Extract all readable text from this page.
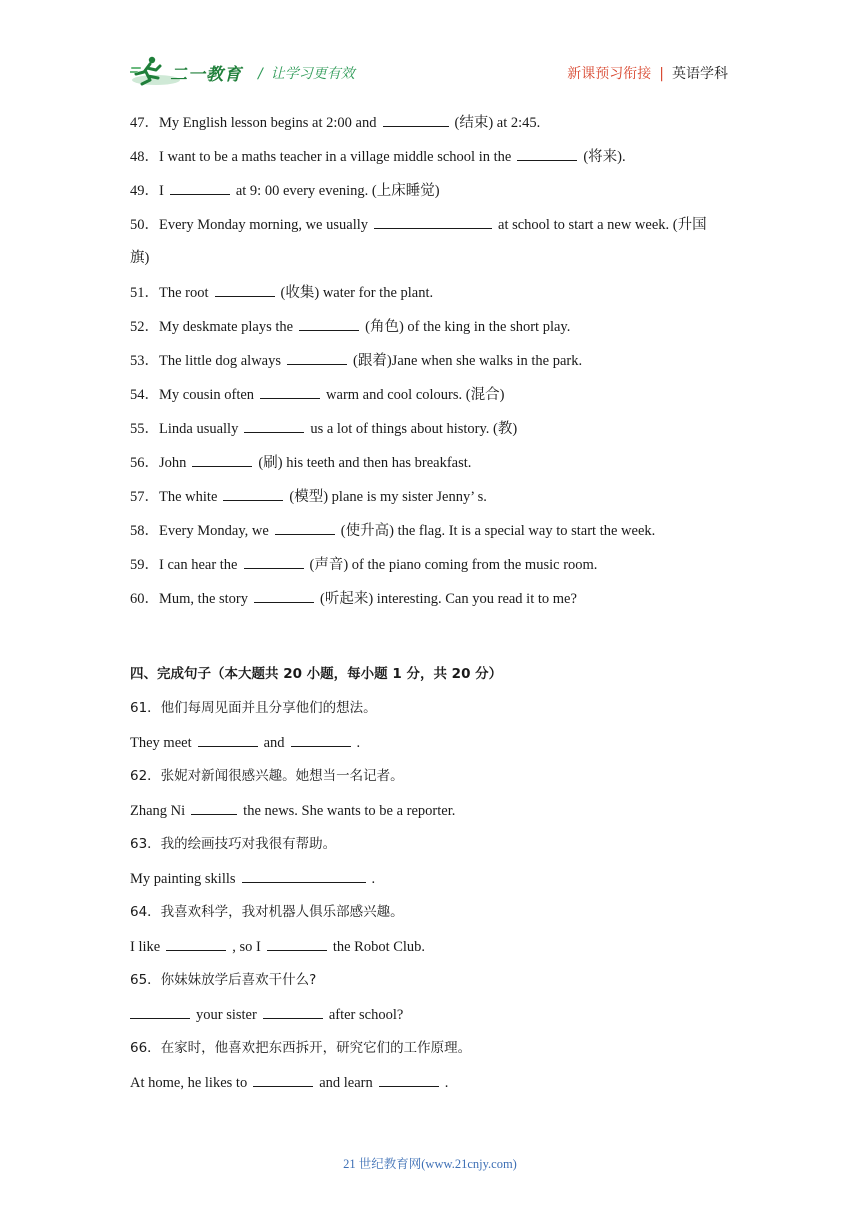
二一教育 / 让学习更有效	新课预习衔接 | 英语学科
47．My English lesson begins at 2:00 and	(结束) at 2:45.
48．I want to be a maths teacher in a village middle school in the	(将来).
49．I	at 9: 00 every evening. (上床睡觉)
50．Every Monday morning, we usually	at school to start a new week. (升国
旗)
51．The root	(收集) water for the plant.
52．My deskmate plays the	(角色) of the king in the short play.
53．The little dog always	(跟着)Jane when she walks in the park.
54．My cousin often	warm and cool colours. (混合)
55．Linda usually	us a lot of things about history. (教)
56．John	(刷) his teeth and then has breakfast.
57．The white	(模型) plane is my sister Jenny’ s.
58．Every Monday, we	(使升高) the flag. It is a special way to start the week.
59．I can hear the	(声音) of the piano coming from the music room.
60．Mum, the story	(听起来) interesting. Can you read it to me?
四、完成句子（本大题共 20 小题，每小题 1 分，共 20 分）
61．他们每周见面并且分享他们的想法。
They meet	and	.
62．张妮对新闻很感兴趣。她想当一名记者。
Zhang Ni	the news. She wants to be a reporter.
63．我的绘画技巧对我很有帮助。
My painting skills	.
64．我喜欢科学，我对机器人俱乐部感兴趣。
I like	, so I	the Robot Club.
65．你妹妹放学后喜欢干什么?
your sister	after school?
66．在家时，他喜欢把东西拆开，研究它们的工作原理。
At home, he likes to	and learn	.
21 世纪教育网(www.21cnjy.com)
